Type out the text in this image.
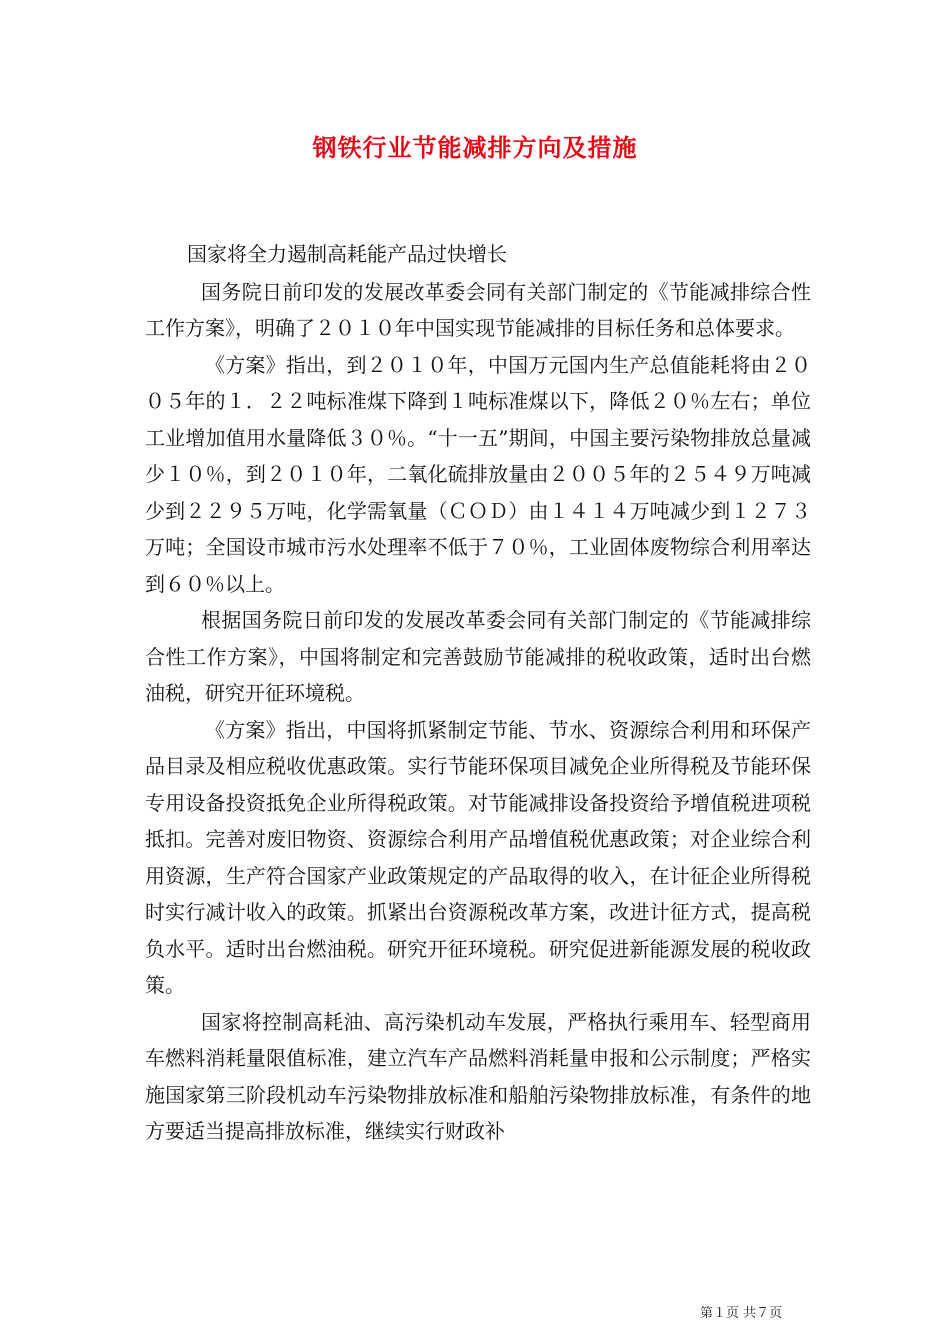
钢铁行业节能减排方向及措施

国家将全力遏制高耗能产品过快增长

国务院日前印发的发展改革委会同有关部门制定的《节能减排综合性工作方案》，明确了２０１０年中国实现节能减排的目标任务和总体要求。

《方案》指出，到２０１０年，中国万元国内生产总值能耗将由２００５年的１．２２吨标准煤下降到１吨标准煤以下，降低２０％左右；单位工业增加值用水量降低３０％。“十一五”期间，中国主要污染物排放总量减少１０％，到２０１０年，二氧化硫排放量由２００５年的２５４９万吨减少到２２９５万吨，化学需氧量（ＣＯＤ）由１４１４万吨减少到１２７３万吨；全国设市城市污水处理率不低于７０％，工业固体废物综合利用率达到６０％以上。

根据国务院日前印发的发展改革委会同有关部门制定的《节能减排综合性工作方案》，中国将制定和完善鼓励节能减排的税收政策，适时出台燃油税，研究开征环境税。

《方案》指出，中国将抓紧制定节能、节水、资源综合利用和环保产品目录及相应税收优惠政策。实行节能环保项目减免企业所得税及节能环保专用设备投资抵免企业所得税政策。对节能减排设备投资给予增值税进项税抵扣。完善对废旧物资、资源综合利用产品增值税优惠政策；对企业综合利用资源，生产符合国家产业政策规定的产品取得的收入，在计征企业所得税时实行减计收入的政策。抓紧出台资源税改革方案，改进计征方式，提高税负水平。适时出台燃油税。研究开征环境税。研究促进新能源发展的税收政策。

国家将控制高耗油、高污染机动车发展，严格执行乘用车、轻型商用车燃料消耗量限值标准，建立汽车产品燃料消耗量申报和公示制度；严格实施国家第三阶段机动车污染物排放标准和船舶污染物排放标准，有条件的地方要适当提高排放标准，继续实行财政补

第１页 共７页
